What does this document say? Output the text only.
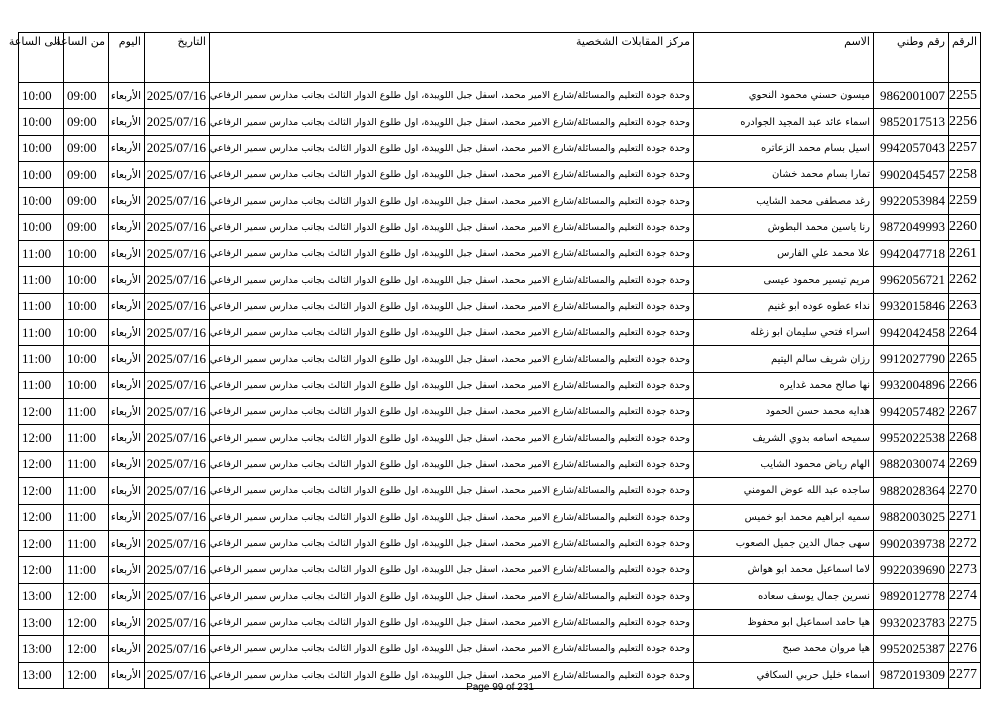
الرقم	رقم وطني	الاسم	مركز المقابلات الشخصية	التاريخ	اليوم	من الساعة	الى الساعة
2255	9862001007	ميسون حسني محمود النحوي	وحدة جودة التعليم والمسائلة/شارع الامير محمد، اسفل جبل اللويبدة، اول طلوع الدوار الثالث بجانب مدارس سمير الرفاعي	2025/07/16	الأربعاء	09:00	10:00
2256	9852017513	اسماء عائد عبد المجيد الجوادره	وحدة جودة التعليم والمسائلة/شارع الامير محمد، اسفل جبل اللويبدة، اول طلوع الدوار الثالث بجانب مدارس سمير الرفاعي	2025/07/16	الأربعاء	09:00	10:00
2257	9942057043	اسيل بسام محمد الزعاتره	وحدة جودة التعليم والمسائلة/شارع الامير محمد، اسفل جبل اللويبدة، اول طلوع الدوار الثالث بجانب مدارس سمير الرفاعي	2025/07/16	الأربعاء	09:00	10:00
2258	9902045457	تمارا بسام محمد خشان	وحدة جودة التعليم والمسائلة/شارع الامير محمد، اسفل جبل اللويبدة، اول طلوع الدوار الثالث بجانب مدارس سمير الرفاعي	2025/07/16	الأربعاء	09:00	10:00
2259	9922053984	رغد مصطفى محمد الشايب	وحدة جودة التعليم والمسائلة/شارع الامير محمد، اسفل جبل اللويبدة، اول طلوع الدوار الثالث بجانب مدارس سمير الرفاعي	2025/07/16	الأربعاء	09:00	10:00
2260	9872049993	رنا ياسين محمد البطوش	وحدة جودة التعليم والمسائلة/شارع الامير محمد، اسفل جبل اللويبدة، اول طلوع الدوار الثالث بجانب مدارس سمير الرفاعي	2025/07/16	الأربعاء	09:00	10:00
2261	9942047718	علا محمد علي الفارس	وحدة جودة التعليم والمسائلة/شارع الامير محمد، اسفل جبل اللويبدة، اول طلوع الدوار الثالث بجانب مدارس سمير الرفاعي	2025/07/16	الأربعاء	10:00	11:00
2262	9962056721	مريم تيسير محمود عيسى	وحدة جودة التعليم والمسائلة/شارع الامير محمد، اسفل جبل اللويبدة، اول طلوع الدوار الثالث بجانب مدارس سمير الرفاعي	2025/07/16	الأربعاء	10:00	11:00
2263	9932015846	نداء عطوه عوده ابو غنيم	وحدة جودة التعليم والمسائلة/شارع الامير محمد، اسفل جبل اللويبدة، اول طلوع الدوار الثالث بجانب مدارس سمير الرفاعي	2025/07/16	الأربعاء	10:00	11:00
2264	9942042458	اسراء فتحي سليمان ابو زغله	وحدة جودة التعليم والمسائلة/شارع الامير محمد، اسفل جبل اللويبدة، اول طلوع الدوار الثالث بجانب مدارس سمير الرفاعي	2025/07/16	الأربعاء	10:00	11:00
2265	9912027790	رزان شريف سالم اليتيم	وحدة جودة التعليم والمسائلة/شارع الامير محمد، اسفل جبل اللويبدة، اول طلوع الدوار الثالث بجانب مدارس سمير الرفاعي	2025/07/16	الأربعاء	10:00	11:00
2266	9932004896	نها صالح محمد غدايره	وحدة جودة التعليم والمسائلة/شارع الامير محمد، اسفل جبل اللويبدة، اول طلوع الدوار الثالث بجانب مدارس سمير الرفاعي	2025/07/16	الأربعاء	10:00	11:00
2267	9942057482	هدايه محمد حسن الحمود	وحدة جودة التعليم والمسائلة/شارع الامير محمد، اسفل جبل اللويبدة، اول طلوع الدوار الثالث بجانب مدارس سمير الرفاعي	2025/07/16	الأربعاء	11:00	12:00
2268	9952022538	سميحه اسامه بدوي الشريف	وحدة جودة التعليم والمسائلة/شارع الامير محمد، اسفل جبل اللويبدة، اول طلوع الدوار الثالث بجانب مدارس سمير الرفاعي	2025/07/16	الأربعاء	11:00	12:00
2269	9882030074	الهام رياض محمود الشايب	وحدة جودة التعليم والمسائلة/شارع الامير محمد، اسفل جبل اللويبدة، اول طلوع الدوار الثالث بجانب مدارس سمير الرفاعي	2025/07/16	الأربعاء	11:00	12:00
2270	9882028364	ساجده عبد الله عوض المومني	وحدة جودة التعليم والمسائلة/شارع الامير محمد، اسفل جبل اللويبدة، اول طلوع الدوار الثالث بجانب مدارس سمير الرفاعي	2025/07/16	الأربعاء	11:00	12:00
2271	9882003025	سميه ابراهيم محمد ابو خميس	وحدة جودة التعليم والمسائلة/شارع الامير محمد، اسفل جبل اللويبدة، اول طلوع الدوار الثالث بجانب مدارس سمير الرفاعي	2025/07/16	الأربعاء	11:00	12:00
2272	9902039738	سهى جمال الدين جميل الصعوب	وحدة جودة التعليم والمسائلة/شارع الامير محمد، اسفل جبل اللويبدة، اول طلوع الدوار الثالث بجانب مدارس سمير الرفاعي	2025/07/16	الأربعاء	11:00	12:00
2273	9922039690	لاما اسماعيل محمد ابو هواش	وحدة جودة التعليم والمسائلة/شارع الامير محمد، اسفل جبل اللويبدة، اول طلوع الدوار الثالث بجانب مدارس سمير الرفاعي	2025/07/16	الأربعاء	11:00	12:00
2274	9892012778	نسرين جمال يوسف سعاده	وحدة جودة التعليم والمسائلة/شارع الامير محمد، اسفل جبل اللويبدة، اول طلوع الدوار الثالث بجانب مدارس سمير الرفاعي	2025/07/16	الأربعاء	12:00	13:00
2275	9932023783	هيا حامد اسماعيل ابو محفوظ	وحدة جودة التعليم والمسائلة/شارع الامير محمد، اسفل جبل اللويبدة، اول طلوع الدوار الثالث بجانب مدارس سمير الرفاعي	2025/07/16	الأربعاء	12:00	13:00
2276	9952025387	هيا مروان محمد صبح	وحدة جودة التعليم والمسائلة/شارع الامير محمد، اسفل جبل اللويبدة، اول طلوع الدوار الثالث بجانب مدارس سمير الرفاعي	2025/07/16	الأربعاء	12:00	13:00
2277	9872019309	اسماء خليل حربي السكافي	وحدة جودة التعليم والمسائلة/شارع الامير محمد، اسفل جبل اللويبدة، اول طلوع الدوار الثالث بجانب مدارس سمير الرفاعي	2025/07/16	الأربعاء	12:00	13:00
Page 99 of 231
